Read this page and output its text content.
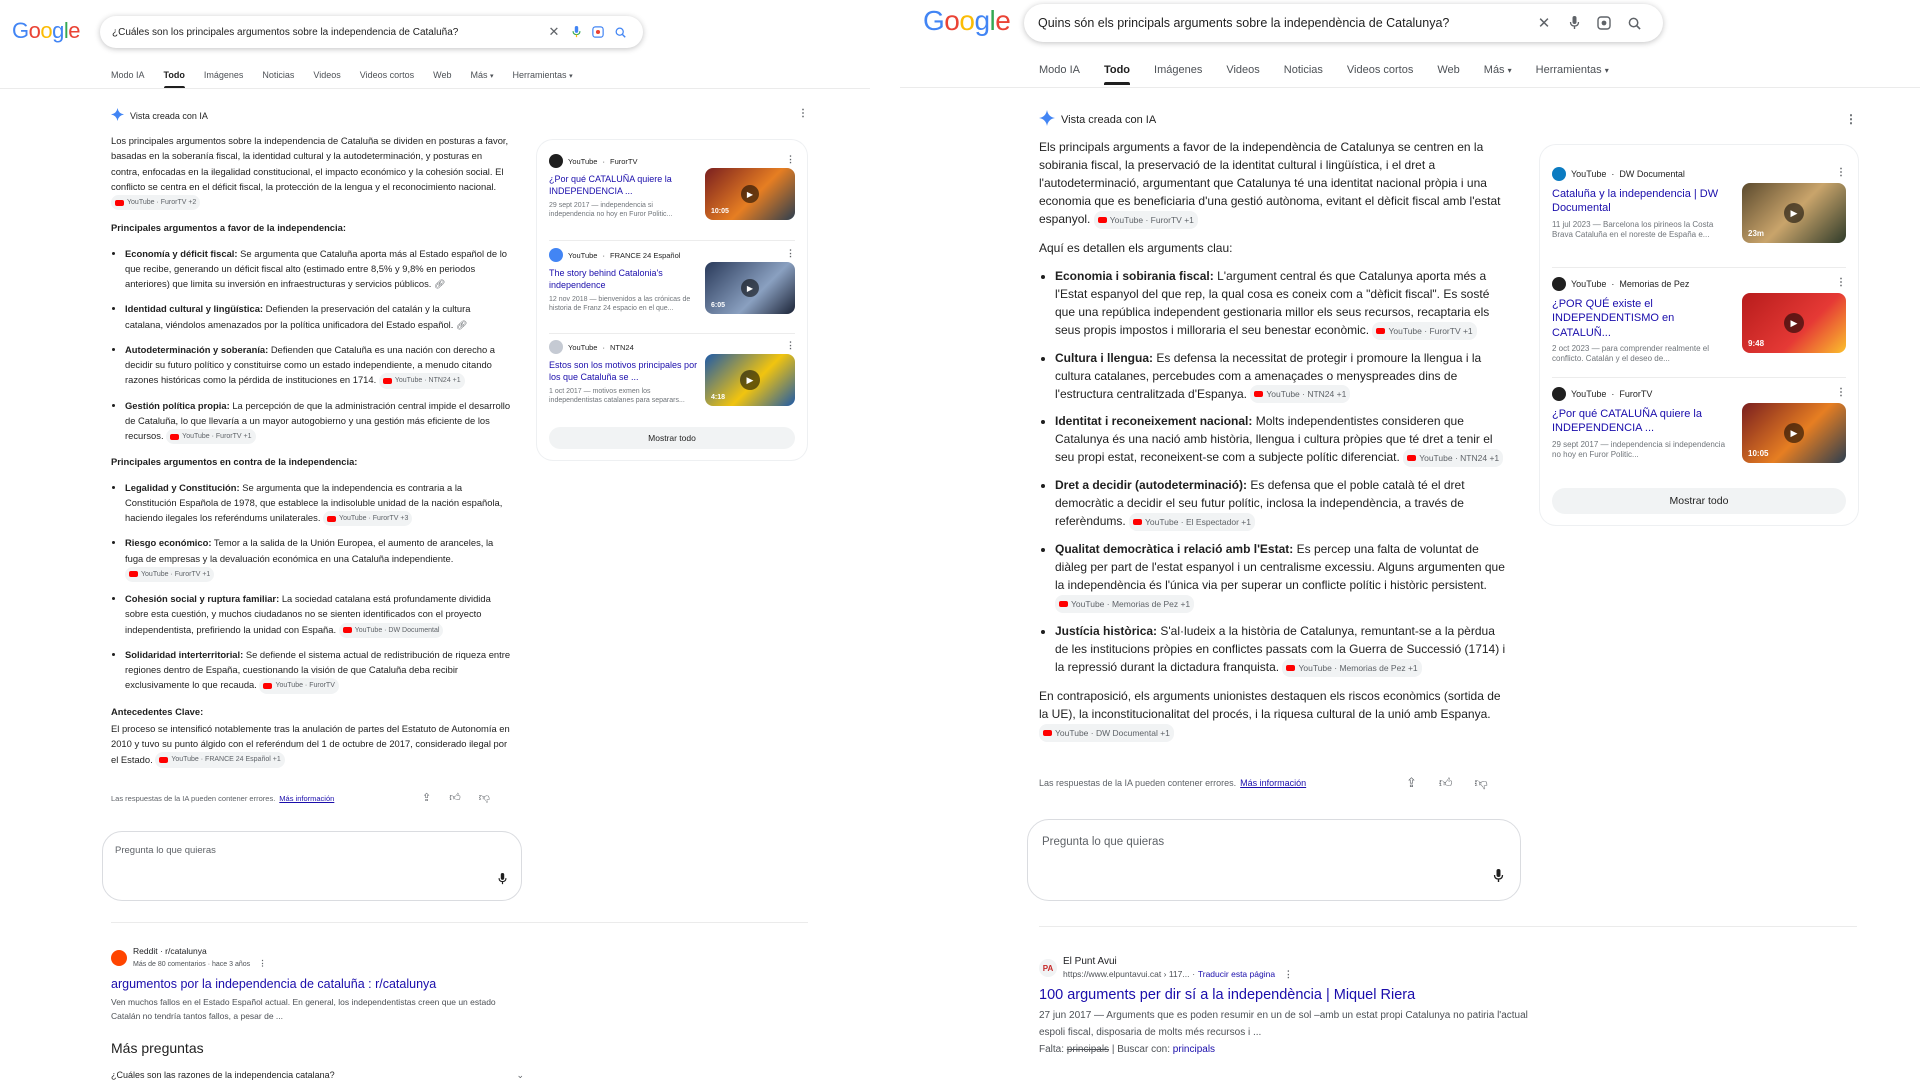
Google	¿Cuáles son los principales argumentos sobre la independencia de Cataluña?	✕
Modo IA Todo Imágenes Noticias Videos Videos cortos Web Más ▾ Herramientas ▾
Vista creada con IA	⋮

Los principales argumentos sobre la independencia de Cataluña se dividen en posturas a favor, basadas en la soberanía fiscal, la identidad cultural y la autodeterminación, y posturas en contra, enfocadas en la ilegalidad constitucional, el impacto económico y la cohesión social. El conflicto se centra en el déficit fiscal, la protección de la lengua y el reconocimiento nacional.
YouTube · FurorTV +2

Principales argumentos a favor de la independencia:
• Economía y déficit fiscal: Se argumenta que Cataluña aporta más al Estado español de lo que recibe, generando un déficit fiscal alto (estimado entre 8,5% y 9,8% en periodos anteriores) que limita su inversión en infraestructuras y servicios públicos. 🔗︎
• Identidad cultural y lingüística: Defienden la preservación del catalán y la cultura catalana, viéndolos amenazados por la política unificadora del Estado español. 🔗︎
• Autodeterminación y soberanía: Defienden que Cataluña es una nación con derecho a decidir su futuro político y constituirse como un estado independiente, a menudo citando razones históricas como la pérdida de instituciones en 1714.	YouTube · NTN24 +1
• Gestión política propia: La percepción de que la administración central impide el desarrollo de Cataluña, lo que llevaría a un mayor autogobierno y una gestión más eficiente de los recursos.	YouTube · FurorTV +1
Principales argumentos en contra de la independencia:
• Legalidad y Constitución: Se argumenta que la independencia es contraria a la Constitución Española de 1978, que establece la indisoluble unidad de la nación española, haciendo ilegales los referéndums unilaterales.	YouTube · FurorTV +3
• Riesgo económico: Temor a la salida de la Unión Europea, el aumento de aranceles, la fuga de empresas y la devaluación económica en una Cataluña independiente.
YouTube · FurorTV +1
• Cohesión social y ruptura familiar: La sociedad catalana está profundamente dividida sobre esta cuestión, y muchos ciudadanos no se sienten identificados con el proyecto independentista, prefiriendo la unidad con España.	YouTube · DW Documental
• Solidaridad interterritorial: Se defiende el sistema actual de redistribución de riqueza entre regiones dentro de España, cuestionando la visión de que Cataluña deba recibir exclusivamente lo que recauda.	YouTube · FurorTV
Antecedentes Clave:

El proceso se intensificó notablemente tras la anulación de partes del Estatuto de Autonomía en 2010 y tuvo su punto álgido con el referéndum del 1 de octubre de 2017, considerado ilegal por el Estado.	YouTube · FRANCE 24 Español +1

Las respuestas de la IA pueden contener errores. Más información	⇪ 👍︎ 👎︎
YouTube · FurorTV
¿Por qué CATALUÑA quiere la INDEPENDENCIA ...
29 sept 2017 — independencia si independencia no hoy en Furor Politic...
▶
10:05
⋮
YouTube · FRANCE 24 Español
The story behind Catalonia's independence
12 nov 2018 — bienvenidos a las crónicas de historia de Franz 24 espacio en el que...
▶
6:05
⋮
YouTube · NTN24
Estos son los motivos principales por los que Cataluña se ...
1 oct 2017 — motivos exmen los independentistas catalanes para separars...
▶
4:18
⋮
Mostrar todo
Pregunta lo que quieras
Reddit · r/catalunya
Más de 80 comentarios · hace 3 años ⋮
argumentos por la independencia de cataluña : r/catalunya
Ven muchos fallos en el Estado Español actual. En general, los independentistas creen que un estado Catalán no tendría tantos fallos, a pesar de ...
Más preguntas
¿Cuáles son las razones de la independencia catalana?	⌄
Google Quins són els principals arguments sobre la independència de Catalunya?	✕
Modo IA Todo Imágenes Videos Noticias Videos cortos Web Más ▾ Herramientas ▾
Vista creada con IA	⋮

Els principals arguments a favor de la independència de Catalunya se centren en la sobirania fiscal, la preservació de la identitat cultural i lingüística, i el dret a l'autodeterminació, argumentant que Catalunya té una identitat nacional pròpia i una economia que es beneficiaria d'una gestió autònoma, evitant el dèficit fiscal amb l'estat espanyol. YouTube · FurorTV +1

Aquí es detallen els arguments clau:

• Economia i sobirania fiscal: L'argument central és que Catalunya aporta més a l'Estat espanyol del que rep, la qual cosa es coneix com a "dèficit fiscal". Es sosté que una república independent gestionaria millor els seus recursos, recaptaria els seus propis impostos i milloraria el seu benestar econòmic. YouTube · FurorTV +1
• Cultura i llengua: Es defensa la necessitat de protegir i promoure la llengua i la cultura catalanes, percebudes com a amenaçades o menyspreades dins de l'estructura centralitzada d'Espanya. YouTube · NTN24 +1
• Identitat i reconeixement nacional: Molts independentistes consideren que Catalunya és una nació amb història, llengua i cultura pròpies que té dret a tenir el seu propi estat, reconeixent-se com a subjecte polític diferenciat. YouTube · NTN24 +1
• Dret a decidir (autodeterminació): Es defensa que el poble català té el dret democràtic a decidir el seu futur polític, inclosa la independència, a través de referèndums. YouTube · El Espectador +1
• Qualitat democràtica i relació amb l'Estat: Es percep una falta de voluntat de diàleg per part de l'estat espanyol i un centralisme excessiu. Alguns argumenten que la independència és l'única via per superar un conflicte polític i històric persistent.
YouTube · Memorias de Pez +1
• Justícia històrica: S'al·ludeix a la història de Catalunya, remuntant-se a la pèrdua de les institucions pròpies en conflictes passats com la Guerra de Successió (1714) i la repressió durant la dictadura franquista. YouTube · Memorias de Pez +1

En contraposició, els arguments unionistes destaquen els riscos econòmics (sortida de la UE), la inconstitucionalitat del procés, i la riquesa cultural de la unió amb Espanya.
YouTube · DW Documental +1

Las respuestas de la IA pueden contener errores. Más información	⇪ 👍︎ 👎︎
YouTube · DW Documental
Cataluña y la independencia | DW Documental
11 jul 2023 — Barcelona los pirineos la Costa Brava Cataluña en el noreste de España e...
▶
23m
⋮
YouTube · Memorias de Pez
¿POR QUÉ existe el INDEPENDENTISMO en CATALUÑ...
2 oct 2023 — para comprender realmente el conflicto. Catalán y el deseo de...
▶
9:48
⋮
YouTube · FurorTV
¿Por qué CATALUÑA quiere la INDEPENDENCIA ...
29 sept 2017 — independencia si independencia no hoy en Furor Politic...
▶
10:05
⋮
Mostrar todo
Pregunta lo que quieras
PA
El Punt Avui
https://www.elpuntavui.cat › 117... · Traducir esta página ⋮
100 arguments per dir sí a la independència | Miquel Riera
27 jun 2017 — Arguments que es poden resumir en un de sol –amb un estat propi Catalunya no patiria l'actual espoli fiscal, disposaria de molts més recursos i ...
Falta: principals | Buscar con: principals
